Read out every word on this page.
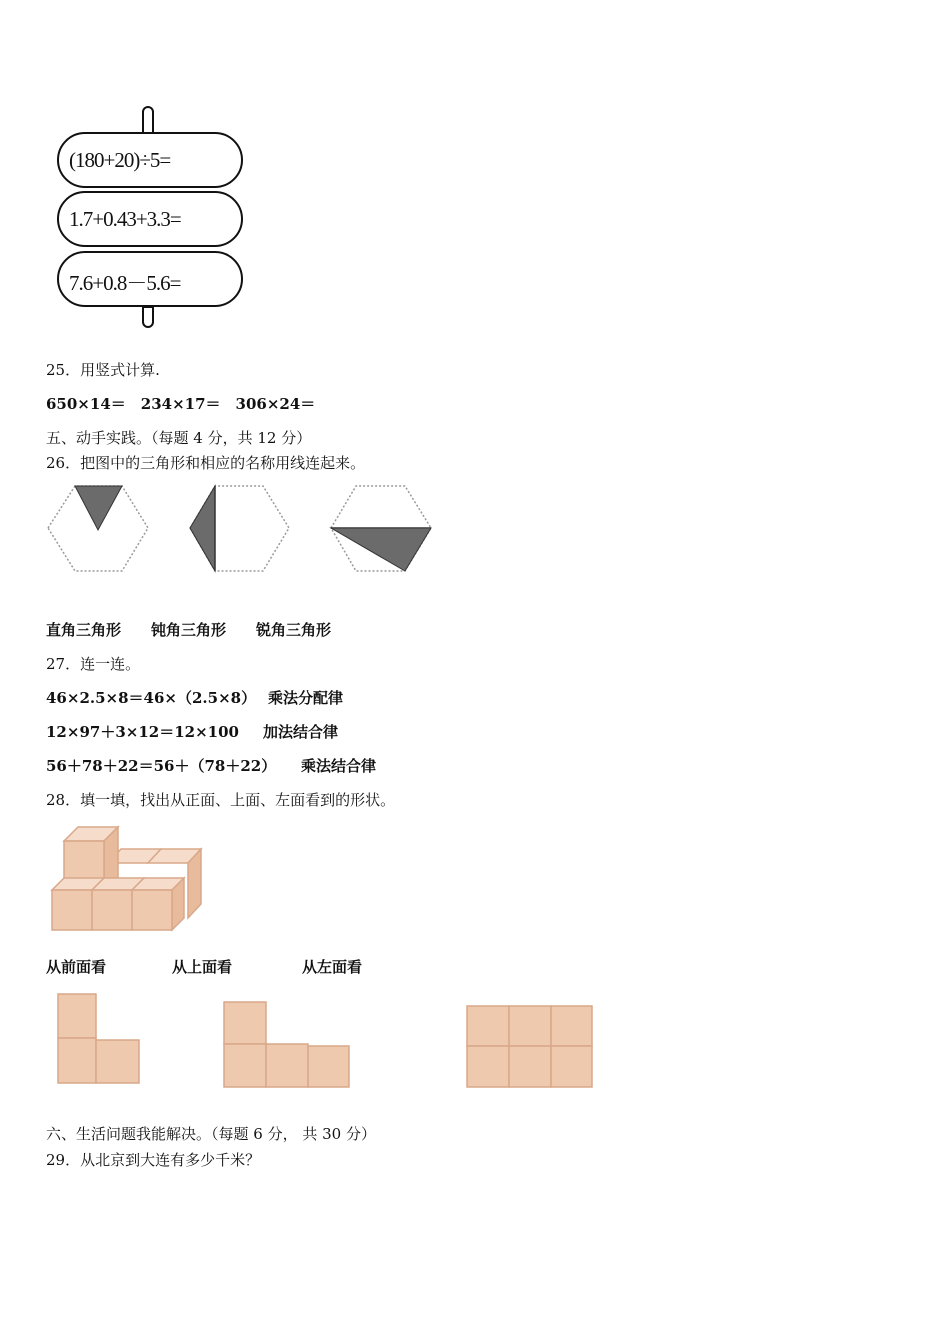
(180+20)÷5=
1.7+0.43+3.3=
7.6+0.8－5.6=
25．用竖式计算.
650×14＝　234×17＝　306×24＝
五、动手实践。（每题 4 分，共 12 分）
26．把图中的三角形和相应的名称用线连起来。
直角三角形　　钝角三角形　　锐角三角形
27．连一连。
46×2.5×8＝46×（2.5×8） 乘法分配律
12×97＋3×12＝12×100 加法结合律
56＋78＋22＝56＋（78＋22） 乘法结合律
28．填一填，找出从正面、上面、左面看到的形状。
从前面看	从上面看	从左面看
六、生活问题我能解决。（每题 6 分， 共 30 分）
29．从北京到大连有多少千米？
